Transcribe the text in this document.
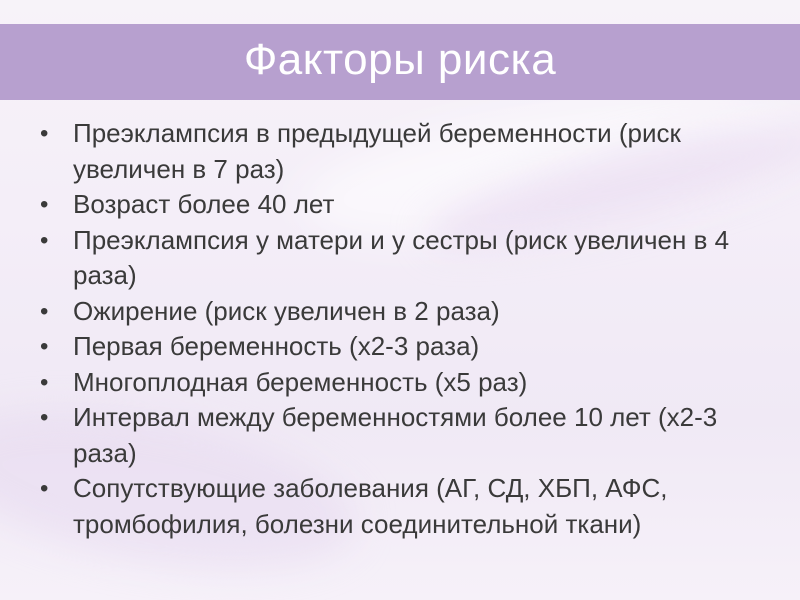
Факторы риска
• Преэклампсия в предыдущей беременности (риск увеличен в 7 раз)
• Возраст более 40 лет
• Преэклампсия у матери и у сестры (риск увеличен в 4 раза)
• Ожирение (риск увеличен в 2 раза)
• Первая беременность (х2-3 раза)
• Многоплодная беременность (х5 раз)
• Интервал между беременностями более 10 лет (х2-3 раза)
• Сопутствующие заболевания (АГ, СД, ХБП, АФС, тромбофилия, болезни соединительной ткани)
